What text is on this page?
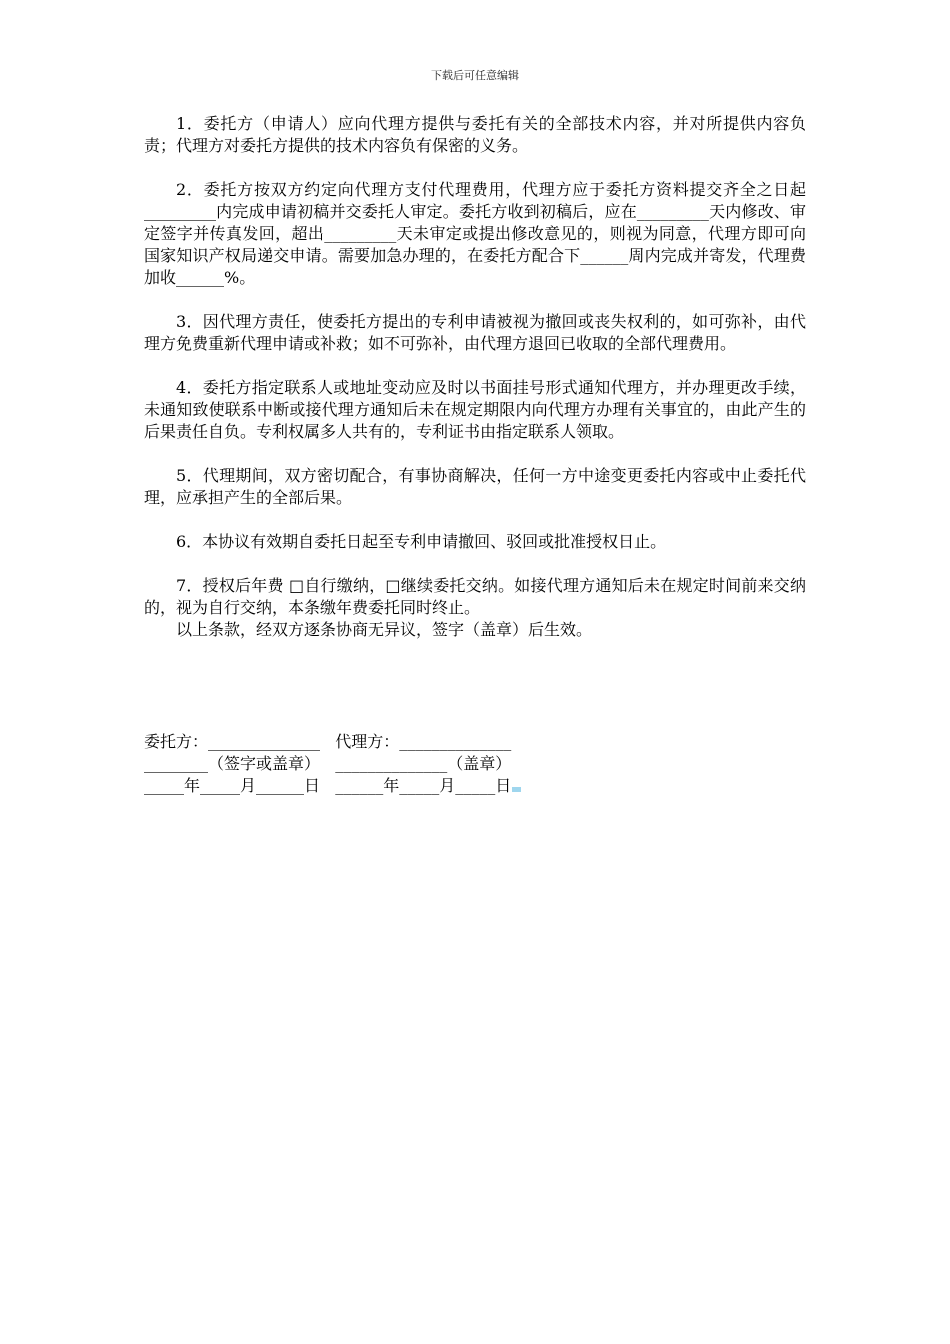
下载后可任意编辑

1．委托方（申请人）应向代理方提供与委托有关的全部技术内容，并对所提供内容负责；代理方对委托方提供的技术内容负有保密的义务。

2．委托方按双方约定向代理方支付代理费用，代理方应于委托方资料提交齐全之日起_________内完成申请初稿并交委托人审定。委托方收到初稿后，应在_________天内修改、审定签字并传真发回，超出_________天未审定或提出修改意见的，则视为同意，代理方即可向国家知识产权局递交申请。需要加急办理的，在委托方配合下______周内完成并寄发，代理费加收______%。

3．因代理方责任，使委托方提出的专利申请被视为撤回或丧失权利的，如可弥补，由代理方免费重新代理申请或补救；如不可弥补，由代理方退回已收取的全部代理费用。

4．委托方指定联系人或地址变动应及时以书面挂号形式通知代理方，并办理更改手续，未通知致使联系中断或接代理方通知后未在规定期限内向代理方办理有关事宜的，由此产生的后果责任自负。专利权属多人共有的，专利证书由指定联系人领取。

5．代理期间，双方密切配合，有事协商解决，任何一方中途变更委托内容或中止委托代理，应承担产生的全部后果。

6．本协议有效期自委托日起至专利申请撤回、驳回或批准授权日止。

7．授权后年费 □自行缴纳，□继续委托交纳。如接代理方通知后未在规定时间前来交纳的，视为自行交纳，本条缴年费委托同时终止。

以上条款，经双方逐条协商无异议，签字（盖章）后生效。

委托方：______________   代理方：______________
________（签字或盖章）   ______________（盖章）
_____年_____月______日   ______年_____月_____日
